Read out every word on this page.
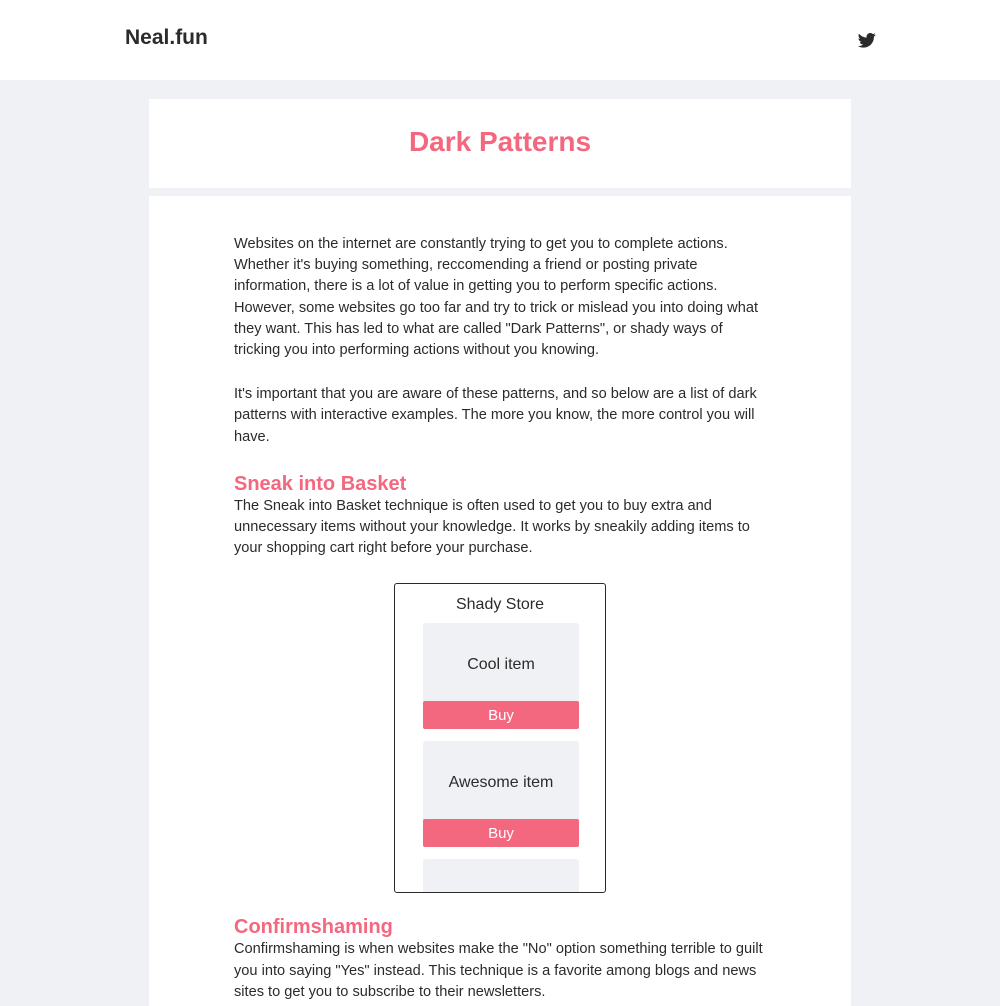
Neal.fun
Dark Patterns

Websites on the internet are constantly trying to get you to complete actions. Whether it's buying something, reccomending a friend or posting private information, there is a lot of value in getting you to perform specific actions. However, some websites go too far and try to trick or mislead you into doing what they want. This has led to what are called "Dark Patterns", or shady ways of tricking you into performing actions without you knowing.

It's important that you are aware of these patterns, and so below are a list of dark patterns with interactive examples. The more you know, the more control you will have.

Sneak into Basket

The Sneak into Basket technique is often used to get you to buy extra and unnecessary items without your knowledge. It works by sneakily adding items to your shopping cart right before your purchase.

Shady Store
Cool item
Buy
Awesome item
Buy
Confirmshaming

Confirmshaming is when websites make the "No" option something terrible to guilt you into saying "Yes" instead. This technique is a favorite among blogs and news sites to get you to subscribe to their newsletters.
